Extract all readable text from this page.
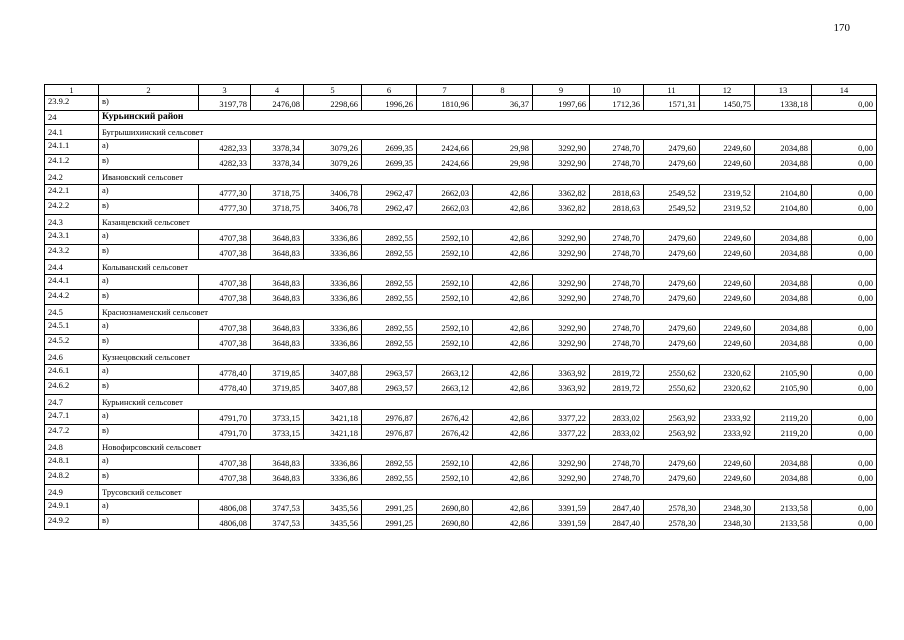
170
1	2	3	4	5	6	7	8	9	10	11	12	13	14
23.9.2	в)	3197,78	2476,08	2298,66	1996,26	1810,96	36,37	1997,66	1712,36	1571,31	1450,75	1338,18	0,00
24	Курьинский район												
24.1	Бугрышихинский сельсовет												
24.1.1	а)	4282,33	3378,34	3079,26	2699,35	2424,66	29,98	3292,90	2748,70	2479,60	2249,60	2034,88	0,00
24.1.2	в)	4282,33	3378,34	3079,26	2699,35	2424,66	29,98	3292,90	2748,70	2479,60	2249,60	2034,88	0,00
24.2	Ивановский сельсовет												
24.2.1	а)	4777,30	3718,75	3406,78	2962,47	2662,03	42,86	3362,82	2818,63	2549,52	2319,52	2104,80	0,00
24.2.2	в)	4777,30	3718,75	3406,78	2962,47	2662,03	42,86	3362,82	2818,63	2549,52	2319,52	2104,80	0,00
24.3	Казанцевский сельсовет												
24.3.1	а)	4707,38	3648,83	3336,86	2892,55	2592,10	42,86	3292,90	2748,70	2479,60	2249,60	2034,88	0,00
24.3.2	в)	4707,38	3648,83	3336,86	2892,55	2592,10	42,86	3292,90	2748,70	2479,60	2249,60	2034,88	0,00
24.4	Колыванский сельсовет												
24.4.1	а)	4707,38	3648,83	3336,86	2892,55	2592,10	42,86	3292,90	2748,70	2479,60	2249,60	2034,88	0,00
24.4.2	в)	4707,38	3648,83	3336,86	2892,55	2592,10	42,86	3292,90	2748,70	2479,60	2249,60	2034,88	0,00
24.5	Краснознаменский сельсовет												
24.5.1	а)	4707,38	3648,83	3336,86	2892,55	2592,10	42,86	3292,90	2748,70	2479,60	2249,60	2034,88	0,00
24.5.2	в)	4707,38	3648,83	3336,86	2892,55	2592,10	42,86	3292,90	2748,70	2479,60	2249,60	2034,88	0,00
24.6	Кузнецовский сельсовет												
24.6.1	а)	4778,40	3719,85	3407,88	2963,57	2663,12	42,86	3363,92	2819,72	2550,62	2320,62	2105,90	0,00
24.6.2	в)	4778,40	3719,85	3407,88	2963,57	2663,12	42,86	3363,92	2819,72	2550,62	2320,62	2105,90	0,00
24.7	Курьинский сельсовет												
24.7.1	а)	4791,70	3733,15	3421,18	2976,87	2676,42	42,86	3377,22	2833,02	2563,92	2333,92	2119,20	0,00
24.7.2	в)	4791,70	3733,15	3421,18	2976,87	2676,42	42,86	3377,22	2833,02	2563,92	2333,92	2119,20	0,00
24.8	Новофирсовский сельсовет												
24.8.1	а)	4707,38	3648,83	3336,86	2892,55	2592,10	42,86	3292,90	2748,70	2479,60	2249,60	2034,88	0,00
24.8.2	в)	4707,38	3648,83	3336,86	2892,55	2592,10	42,86	3292,90	2748,70	2479,60	2249,60	2034,88	0,00
24.9	Трусовский сельсовет												
24.9.1	а)	4806,08	3747,53	3435,56	2991,25	2690,80	42,86	3391,59	2847,40	2578,30	2348,30	2133,58	0,00
24.9.2	в)	4806,08	3747,53	3435,56	2991,25	2690,80	42,86	3391,59	2847,40	2578,30	2348,30	2133,58	0,00
